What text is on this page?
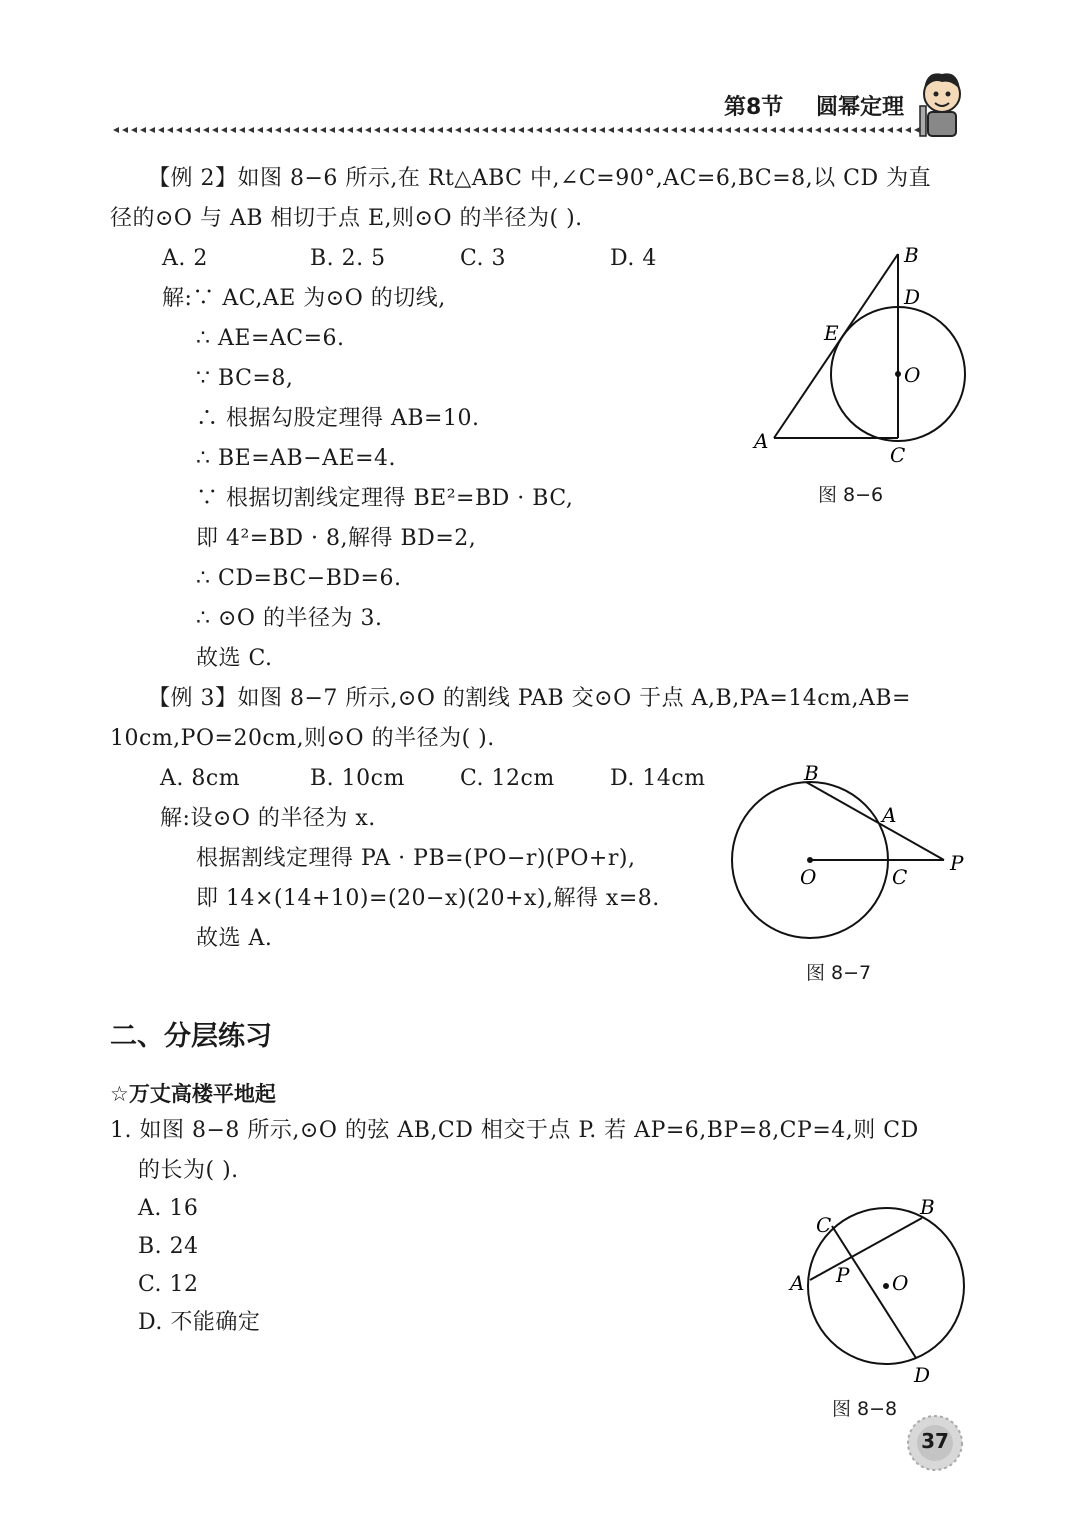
第8节 圆幂定理
【例 2】如图 8−6 所示,在 Rt△ABC 中,∠C=90°,AC=6,BC=8,以 CD 为直
径的⊙O 与 AB 相切于点 E,则⊙O 的半径为( ).
A. 2	B. 2. 5	C. 3	D. 4
解:∵ AC,AE 为⊙O 的切线,
∴ AE=AC=6.
∵ BC=8,
∴ 根据勾股定理得 AB=10.
∴ BE=AB−AE=4.
∵ 根据切割线定理得 BE²=BD · BC,
即 4²=BD · 8,解得 BD=2,
∴ CD=BC−BD=6.
∴ ⊙O 的半径为 3.
故选 C.
B
D
E
O
A
C
图 8−6
【例 3】如图 8−7 所示,⊙O 的割线 PAB 交⊙O 于点 A,B,PA=14cm,AB=
10cm,PO=20cm,则⊙O 的半径为( ).
A. 8cm	B. 10cm	C. 12cm	D. 14cm
解:设⊙O 的半径为 x.
根据割线定理得 PA · PB=(PO−r)(PO+r),
即 14×(14+10)=(20−x)(20+x),解得 x=8.
故选 A.
B
A
P
O	C
图 8−7
二、分层练习
☆万丈高楼平地起
1. 如图 8−8 所示,⊙O 的弦 AB,CD 相交于点 P. 若 AP=6,BP=8,CP=4,则 CD
的长为( ).
A. 16
B. 24
C. 12
D. 不能确定
C
B
A P O
D
图 8−8
37
